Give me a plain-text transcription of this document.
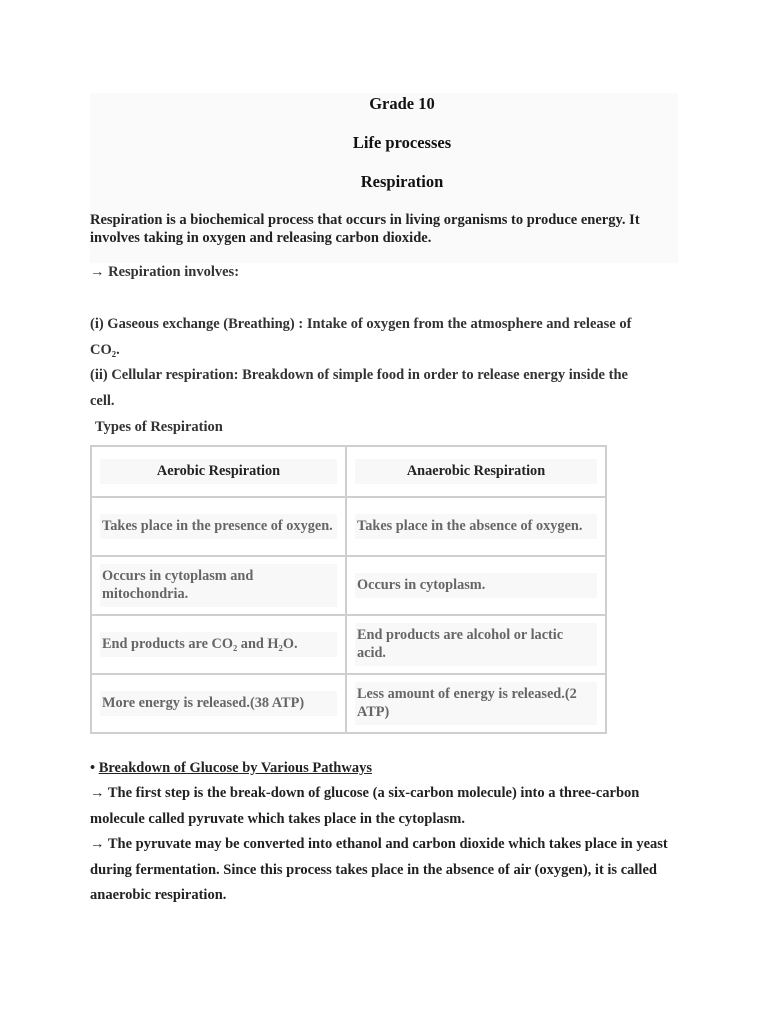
Grade 10
Life processes
Respiration
Respiration is a biochemical process that occurs in living organisms to produce energy. It involves taking in oxygen and releasing carbon dioxide.
→ Respiration involves:
(i) Gaseous exchange (Breathing) : Intake of oxygen from the atmosphere and release of
CO₂.
(ii) Cellular respiration: Breakdown of simple food in order to release energy inside the
cell.
Types of Respiration
Aerobic Respiration	Anaerobic Respiration

Takes place in the presence of oxygen.	Takes place in the absence of oxygen.

Occurs in cytoplasm and mitochondria.	Occurs in cytoplasm.

End products are CO₂ and H₂O.	End products are alcohol or lactic acid.

More energy is released.(38 ATP)	Less amount of energy is released.(2 ATP)
• Breakdown of Glucose by Various Pathways
→ The first step is the break-down of glucose (a six-carbon molecule) into a three-carbon molecule called pyruvate which takes place in the cytoplasm.
→ The pyruvate may be converted into ethanol and carbon dioxide which takes place in yeast during fermentation. Since this process takes place in the absence of air (oxygen), it is called anaerobic respiration.
